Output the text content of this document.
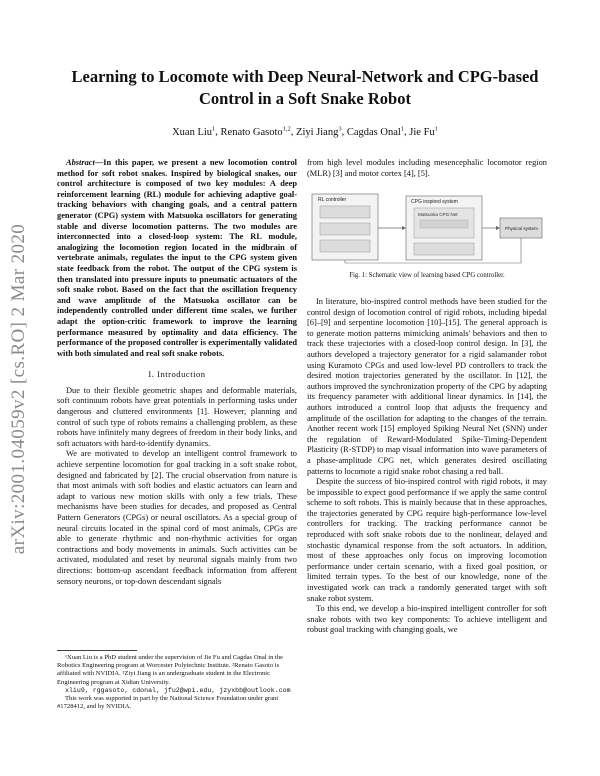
arXiv:2001.04059v2 [cs.RO] 2 Mar 2020
Learning to Locomote with Deep Neural-Network and CPG-based Control in a Soft Snake Robot
Xuan Liu$^1$, Renato Gasoto$^{1,2}$, Ziyi Jiang$^3$, Cagdas Onal$^1$, Jie Fu$^1$

Abstract—In this paper, we present a new locomotion control method for soft robot snakes. Inspired by biological snakes, our control architecture is composed of two key modules: A deep reinforcement learning (RL) module for achieving adaptive goal-tracking behaviors with changing goals, and a central pattern generator (CPG) system with Matsuoka oscillators for generating stable and diverse locomotion patterns. The two modules are interconnected into a closed-loop system: The RL module, analogizing the locomotion region located in the midbrain of vertebrate animals, regulates the input to the CPG system given state feedback from the robot. The output of the CPG system is then translated into pressure inputs to pneumatic actuators of the soft snake robot. Based on the fact that the oscillation frequency and wave amplitude of the Matsuoka oscillator can be independently controlled under different time scales, we further adapt the option-critic framework to improve the learning performance measured by optimality and data efficiency. The performance of the proposed controller is experimentally validated with both simulated and real soft snake robots.

I. Introduction

Due to their flexible geometric shapes and deformable materials, soft continuum robots have great potentials in performing tasks under dangerous and cluttered environments [1]. However, planning and control of such type of robots remains a challenging problem, as these robots have infinitely many degrees of freedom in their body links, and soft actuators with hard-to-identify dynamics.

We are motivated to develop an intelligent control framework to achieve serpentine locomotion for goal tracking in a soft snake robot, designed and fabricated by [2]. The crucial observation from nature is that most animals with soft bodies and elastic actuators can learn and adapt to various new motion skills with only a few trials. These mechanisms have been studies for decades, and proposed as Central Pattern Generators (CPGs) or neural oscillators. As a special group of neural circuits located in the spinal cord of most animals, CPGs are able to generate rhythmic and non-rhythmic activities for organ contractions and body movements in animals. Such activities can be activated, modulated and reset by neuronal signals mainly from two directions: bottom-up ascendant feedback information from afferent sensory neurons, or top-down descendant signals

¹Xuan Liu is a PhD student under the supervision of Jie Fu and Cagdas Onal in the Robotics Engineering program at Worcester Polytechnic Institute. ²Renato Gasoto is affiliated with NVIDIA. ³Ziyi Jiang is an undergraduate student in the Electronic Engineering program at Xidian University.

xliu9, rggasoto, cdonal, jfu2@wpi.edu, jzyxbb@outlook.com

This work was supported in part by the National Science Foundation under grant #1728412, and by NVIDIA.

from high level modules including mesencephalic locomotor region (MLR) [3] and motor cortex [4], [5].
RL controller	CPG inspired system
Matsuoka CPG Net
Physical system
Fig. 1: Schematic view of learning based CPG controller.

In literature, bio-inspired control methods have been studied for the control design of locomotion control of rigid robots, including bipedal [6]–[9] and serpentine locomotion [10]–[15]. The general approach is to generate motion patterns mimicking animals' behaviors and then to track these trajectories with a closed-loop control design. In [3], the authors developed a trajectory generator for a rigid salamander robot using Kuramoto CPGs and used low-level PD controllers to track the desired motion trajectories generated by the oscillator. In [12], the authors improved the synchronization property of the CPG by adapting its frequency parameter with additional linear dynamics. In [14], the authors introduced a control loop that adjusts the frequency and amplitude of the oscillation for adapting to the changes of the terrain. Another recent work [15] employed Spiking Neural Net (SNN) under the regulation of Reward-Modulated Spike-Timing-Dependent Plasticity (R-STDP) to map visual information into wave parameters of a phase-amplitude CPG net, which generates desired oscillating patterns to locomote a rigid snake robot chasing a red ball.

Despite the success of bio-inspired control with rigid robots, it may be impossible to expect good performance if we apply the same control scheme to soft robots. This is mainly because that in these approaches, the trajectories generated by CPG require high-performance low-level controllers for tracking. The tracking performance cannot be reproduced with soft snake robots due to the nonlinear, delayed and stochastic dynamical response from the soft actuators. In addition, most of these approaches only focus on improving locomotion performance under certain scenario, with a fixed goal position, or limited terrain types. To the best of our knowledge, none of the investigated work can track a randomly generated target with soft snake robot system.

To this end, we develop a bio-inspired intelligent controller for soft snake robots with two key components: To achieve intelligent and robust goal tracking with changing goals, we
